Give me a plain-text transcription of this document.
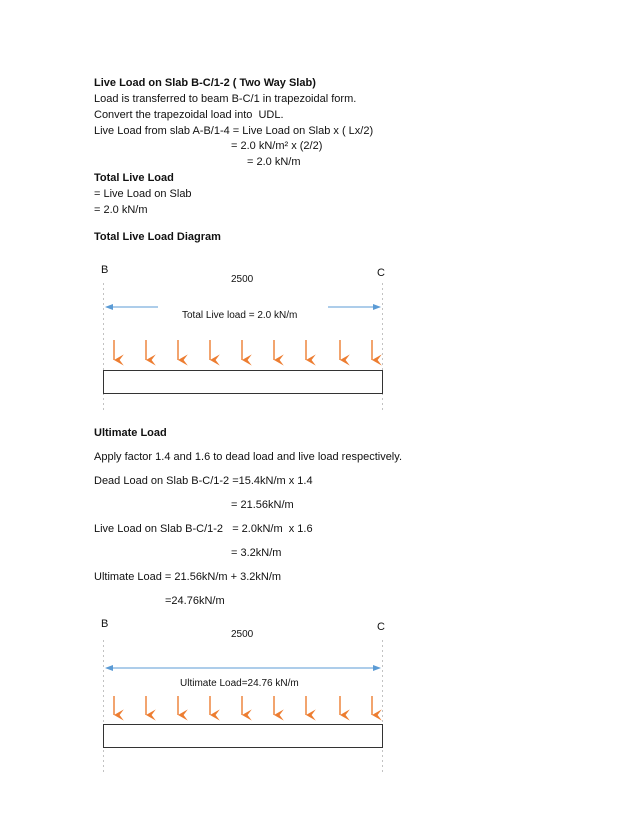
Live Load on Slab B-C/1-2 ( Two Way Slab)
Load is transferred to beam B-C/1 in trapezoidal form.
Convert the trapezoidal load into  UDL.
Live Load from slab A-B/1-4 = Live Load on Slab x ( Lx/2)
= 2.0 kN/m² x (2/2)
= 2.0 kN/m
Total Live Load
= Live Load on Slab
= 2.0 kN/m
Total Live Load Diagram
B	C
2500
Total Live load = 2.0 kN/m
Ultimate Load
Apply factor 1.4 and 1.6 to dead load and live load respectively.
Dead Load on Slab B-C/1-2 =15.4kN/m x 1.4
= 21.56kN/m
Live Load on Slab B-C/1-2   = 2.0kN/m  x 1.6
= 3.2kN/m
Ultimate Load = 21.56kN/m + 3.2kN/m
=24.76kN/m
B	C
2500
Ultimate Load=24.76 kN/m
